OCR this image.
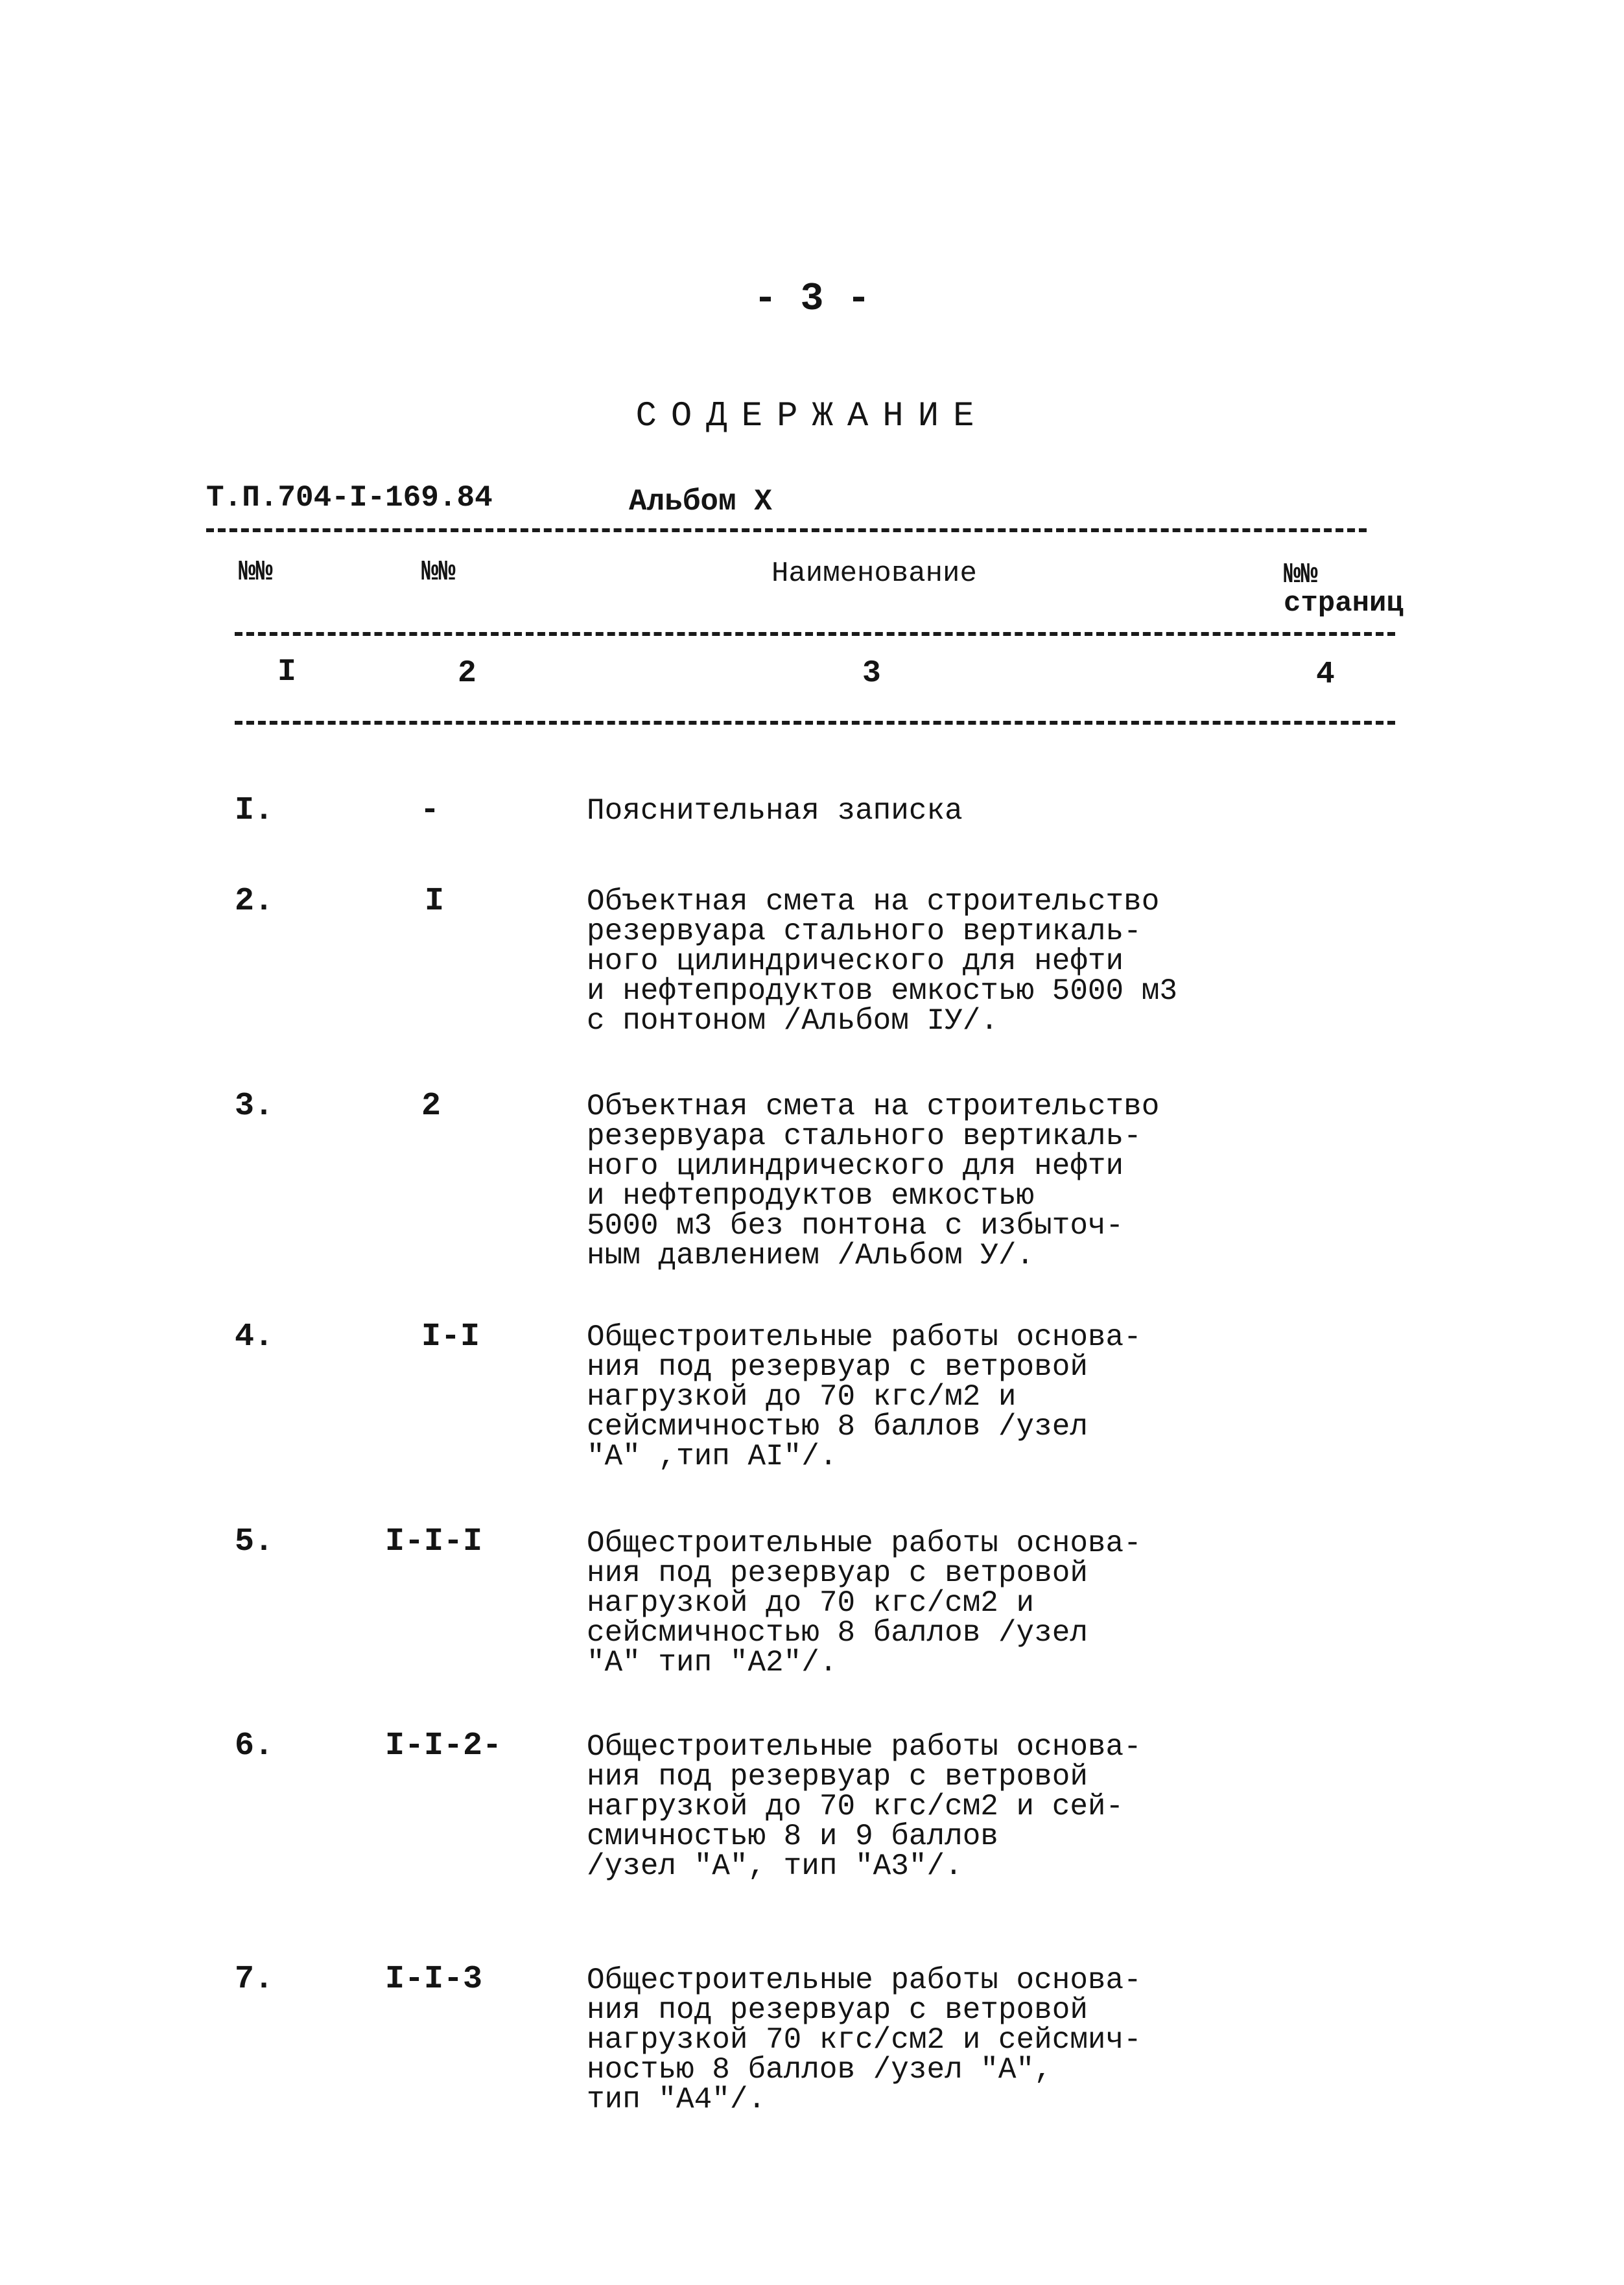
- 3 -
СОДЕРЖАНИЕ
Т.П.704-I-169.84	Альбом X
№№	№№	Наименование	№№
страниц
I	2	3	4
I.	-	Пояснительная записка
2.	I	Объектная смета на строительство
резервуара стального вертикаль-
ного цилиндрического для нефти
и нефтепродуктов емкостью 5000 м3
с понтоном /Альбом IУ/.
3.	2	Объектная смета на строительство
резервуара стального вертикаль-
ного цилиндрического для нефти
и нефтепродуктов емкостью
5000 м3 без понтона с избыточ-
ным давлением /Альбом У/.
4.	I-I	Общестроительные работы основа-
ния под резервуар с ветровой
нагрузкой до 70 кгс/м2 и
сейсмичностью 8 баллов /узел
"А" ,тип АI"/.
5.	I-I-I	Общестроительные работы основа-
ния под резервуар с ветровой
нагрузкой до 70 кгс/см2 и
сейсмичностью 8 баллов /узел
"А" тип "А2"/.
6.	I-I-2-	Общестроительные работы основа-
ния под резервуар с ветровой
нагрузкой до 70 кгс/см2 и сей-
смичностью 8 и 9 баллов
/узел "А", тип "А3"/.
7.	I-I-3	Общестроительные работы основа-
ния под резервуар с ветровой
нагрузкой 70 кгс/см2 и сейсмич-
ностью 8 баллов /узел "А",
тип "А4"/.
